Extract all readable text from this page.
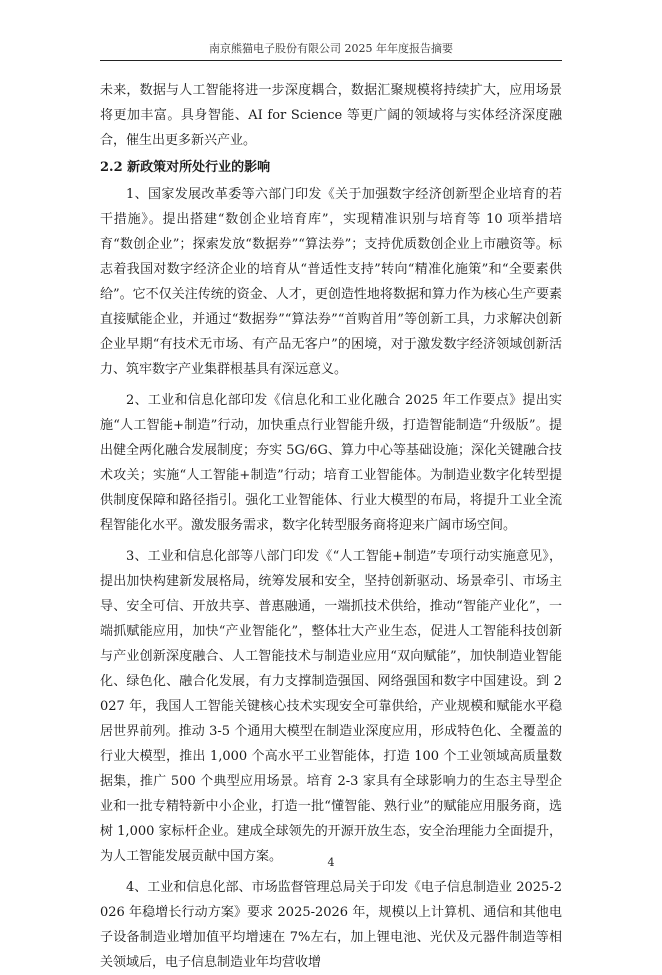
南京熊猫电子股份有限公司 2025 年年度报告摘要

未来，数据与人工智能将进一步深度耦合，数据汇聚规模将持续扩大，应用场景将更加丰富。具身智能、AI for Science 等更广阔的领域将与实体经济深度融合，催生出更多新兴产业。

2.2 新政策对所处行业的影响

1、国家发展改革委等六部门印发《关于加强数字经济创新型企业培育的若干措施》。提出搭建“数创企业培育库”，实现精准识别与培育等 10 项举措培育“数创企业”；探索发放“数据券”“算法券”；支持优质数创企业上市融资等。标志着我国对数字经济企业的培育从“普适性支持”转向“精准化施策”和“全要素供给”。它不仅关注传统的资金、人才，更创造性地将数据和算力作为核心生产要素直接赋能企业，并通过“数据券”“算法券”“首购首用”等创新工具，力求解决创新企业早期“有技术无市场、有产品无客户”的困境，对于激发数字经济领域创新活力、筑牢数字产业集群根基具有深远意义。

2、工业和信息化部印发《信息化和工业化融合 2025 年工作要点》提出实施“人工智能+制造”行动，加快重点行业智能升级，打造智能制造“升级版”。提出健全两化融合发展制度；夯实 5G/6G、算力中心等基础设施；深化关键融合技术攻关；实施“人工智能+制造”行动；培育工业智能体。为制造业数字化转型提供制度保障和路径指引。强化工业智能体、行业大模型的布局，将提升工业全流程智能化水平。激发服务需求，数字化转型服务商将迎来广阔市场空间。

3、工业和信息化部等八部门印发《“人工智能+制造”专项行动实施意见》，提出加快构建新发展格局，统筹发展和安全，坚持创新驱动、场景牵引、市场主导、安全可信、开放共享、普惠融通，一端抓技术供给，推动“智能产业化”，一端抓赋能应用，加快“产业智能化”，整体壮大产业生态，促进人工智能科技创新与产业创新深度融合、人工智能技术与制造业应用“双向赋能”，加快制造业智能化、绿色化、融合化发展，有力支撑制造强国、网络强国和数字中国建设。到 2027 年，我国人工智能关键核心技术实现安全可靠供给，产业规模和赋能水平稳居世界前列。推动 3-5 个通用大模型在制造业深度应用，形成特色化、全覆盖的行业大模型，推出 1,000 个高水平工业智能体，打造 100 个工业领域高质量数据集，推广 500 个典型应用场景。培育 2-3 家具有全球影响力的生态主导型企业和一批专精特新中小企业，打造一批“懂智能、熟行业”的赋能应用服务商，选树 1,000 家标杆企业。建成全球领先的开源开放生态，安全治理能力全面提升，为人工智能发展贡献中国方案。

4、工业和信息化部、市场监督管理总局关于印发《电子信息制造业 2025-2026 年稳增长行动方案》要求 2025-2026 年，规模以上计算机、通信和其他电子设备制造业增加值平均增速在 7%左右，加上锂电池、光伏及元器件制造等相关领域后，电子信息制造业年均营收增

4
